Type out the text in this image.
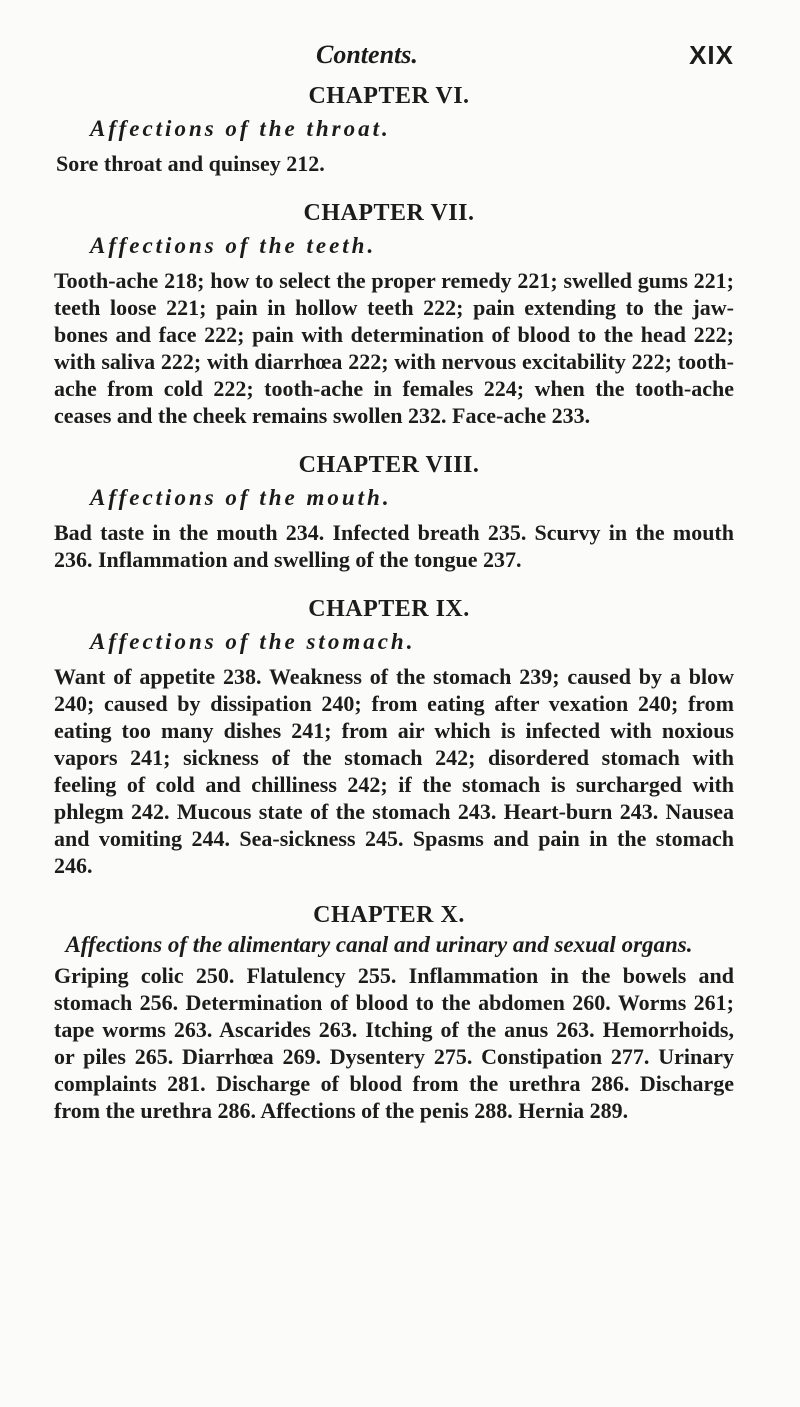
Contents.	XIX
CHAPTER VI.

Affections of the throat.

Sore throat and quinsey 212.

CHAPTER VII.

Affections of the teeth.

Tooth-ache 218; how to select the proper remedy 221; swelled gums 221; teeth loose 221; pain in hollow teeth 222; pain extending to the jaw-bones and face 222; pain with determination of blood to the head 222; with saliva 222; with diarrhœa 222; with nervous excitability 222; tooth-ache from cold 222; tooth-ache in females 224; when the tooth-ache ceases and the cheek remains swollen 232. Face-ache 233.

CHAPTER VIII.

Affections of the mouth.

Bad taste in the mouth 234. Infected breath 235. Scurvy in the mouth 236. Inflammation and swelling of the tongue 237.

CHAPTER IX.

Affections of the stomach.

Want of appetite 238. Weakness of the stomach 239; caused by a blow 240; caused by dissipation 240; from eating after vexation 240; from eating too many dishes 241; from air which is infected with noxious vapors 241; sickness of the stomach 242; disordered stomach with feeling of cold and chilliness 242; if the stomach is surcharged with phlegm 242. Mucous state of the stomach 243. Heart-burn 243. Nausea and vomiting 244. Sea-sickness 245. Spasms and pain in the stomach 246.

CHAPTER X.

Affections of the alimentary canal and urinary and sexual organs.

Griping colic 250. Flatulency 255. Inflammation in the bowels and stomach 256. Determination of blood to the abdomen 260. Worms 261; tape worms 263. Ascarides 263. Itching of the anus 263. Hemorrhoids, or piles 265. Diarrhœa 269. Dysentery 275. Constipation 277. Urinary complaints 281. Discharge of blood from the urethra 286. Discharge from the urethra 286. Affections of the penis 288. Hernia 289.
